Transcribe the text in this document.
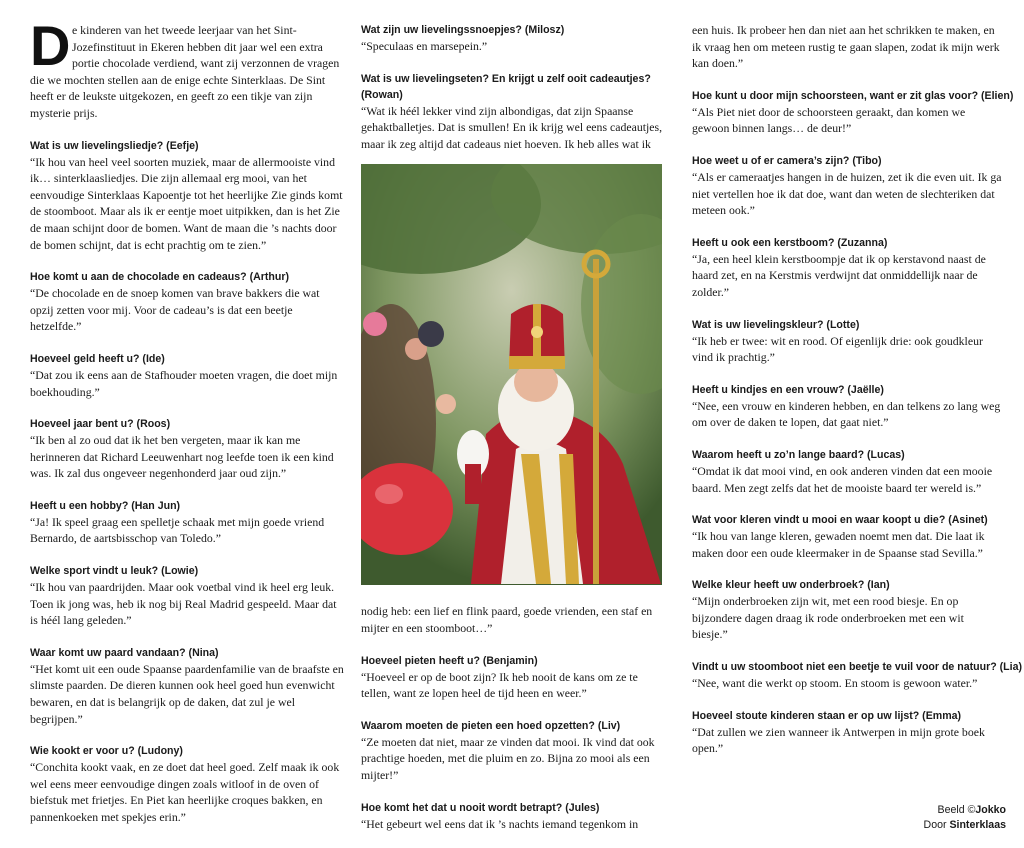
De kinderen van het tweede leerjaar van het Sint-Jozefinstituut in Ekeren hebben dit jaar wel een extra portie chocolade verdiend, want zij verzonnen de vragen die we mochten stellen aan de enige echte Sinterklaas. De Sint heeft er de leukste uitgekozen, en geeft zo een tikje van zijn mysterie prijs.

Wat is uw lievelingsliedje? (Eefje)

“Ik hou van heel veel soorten muziek, maar de allermooiste vind ik… sinterklaasliedjes. Die zijn allemaal erg mooi, van het eenvoudige Sinterklaas Kapoentje tot het heerlijke Zie ginds komt de stoomboot. Maar als ik er eentje moet uitpikken, dan is het Zie de maan schijnt door de bomen. Want de maan die ’s nachts door de bomen schijnt, dat is echt prachtig om te zien.”

Hoe komt u aan de chocolade en cadeaus? (Arthur)

“De chocolade en de snoep komen van brave bakkers die wat opzij zetten voor mij. Voor de cadeau’s is dat een beetje hetzelfde.”

Hoeveel geld heeft u? (Ide)

“Dat zou ik eens aan de Stafhouder moeten vragen, die doet mijn boekhouding.”

Hoeveel jaar bent u? (Roos)

“Ik ben al zo oud dat ik het ben vergeten, maar ik kan me herinneren dat Richard Leeuwenhart nog leefde toen ik een kind was. Ik zal dus ongeveer negenhonderd jaar oud zijn.”

Heeft u een hobby? (Han Jun)

“Ja! Ik speel graag een spelletje schaak met mijn goede vriend Bernardo, de aartsbisschop van Toledo.”

Welke sport vindt u leuk? (Lowie)

“Ik hou van paardrijden. Maar ook voetbal vind ik heel erg leuk. Toen ik jong was, heb ik nog bij Real Madrid gespeeld. Maar dat is héél lang geleden.”

Waar komt uw paard vandaan? (Nina)

“Het komt uit een oude Spaanse paardenfamilie van de braafste en slimste paarden. De dieren kunnen ook heel goed hun evenwicht bewaren, en dat is belangrijk op de daken, dat zul je wel begrijpen.”

Wie kookt er voor u? (Ludony)

“Conchita kookt vaak, en ze doet dat heel goed. Zelf maak ik ook wel eens meer eenvoudige dingen zoals witloof in de oven of biefstuk met frietjes. En Piet kan heerlijke croques bakken, en pannenkoeken met spekjes erin.”

Wat zijn uw lievelingssnoepjes? (Milosz)

“Speculaas en marsepein.”

Wat is uw lievelingseten? En krijgt u zelf ooit cadeautjes? (Rowan)

“Wat ik héél lekker vind zijn albondigas, dat zijn Spaanse gehaktballetjes. Dat is smullen! En ik krijg wel eens cadeautjes, maar ik zeg altijd dat cadeaus niet hoeven. Ik heb alles wat ik

nodig heb: een lief en flink paard, goede vrienden, een staf en mijter en een stoomboot…”

Hoeveel pieten heeft u? (Benjamin)

“Hoeveel er op de boot zijn? Ik heb nooit de kans om ze te tellen, want ze lopen heel de tijd heen en weer.”

Waarom moeten de pieten een hoed opzetten? (Liv)

“Ze moeten dat niet, maar ze vinden dat mooi. Ik vind dat ook prachtige hoeden, met die pluim en zo. Bijna zo mooi als een mijter!”

Hoe komt het dat u nooit wordt betrapt? (Jules)

“Het gebeurt wel eens dat ik ’s nachts iemand tegenkom in

een huis. Ik probeer hen dan niet aan het schrikken te maken, en ik vraag hen om meteen rustig te gaan slapen, zodat ik mijn werk kan doen.”

Hoe kunt u door mijn schoorsteen, want er zit glas voor? (Elien)

“Als Piet niet door de schoorsteen geraakt, dan komen we gewoon binnen langs… de deur!”

Hoe weet u of er camera’s zijn? (Tibo)

“Als er cameraatjes hangen in de huizen, zet ik die even uit. Ik ga niet vertellen hoe ik dat doe, want dan weten de slechteriken dat meteen ook.”

Heeft u ook een kerstboom? (Zuzanna)

“Ja, een heel klein kerstboompje dat ik op kerstavond naast de haard zet, en na Kerstmis verdwijnt dat onmiddellijk naar de zolder.”

Wat is uw lievelingskleur? (Lotte)

“Ik heb er twee: wit en rood. Of eigenlijk drie: ook goudkleur vind ik prachtig.”

Heeft u kindjes en een vrouw? (Jaëlle)

“Nee, een vrouw en kinderen hebben, en dan telkens zo lang weg om over de daken te lopen, dat gaat niet.”

Waarom heeft u zo’n lange baard? (Lucas)

“Omdat ik dat mooi vind, en ook anderen vinden dat een mooie baard. Men zegt zelfs dat het de mooiste baard ter wereld is.”

Wat voor kleren vindt u mooi en waar koopt u die? (Asinet)

“Ik hou van lange kleren, gewaden noemt men dat. Die laat ik maken door een oude kleermaker in de Spaanse stad Sevilla.”

Welke kleur heeft uw onderbroek? (Ian)

“Mijn onderbroeken zijn wit, met een rood biesje. En op bijzondere dagen draag ik rode onderbroeken met een wit biesje.”

Vindt u uw stoomboot niet een beetje te vuil voor de natuur? (Lia)

“Nee, want die werkt op stoom. En stoom is gewoon water.”

Hoeveel stoute kinderen staan er op uw lijst? (Emma)

“Dat zullen we zien wanneer ik Antwerpen in mijn grote boek open.”

Beeld ©Jokko
Door Sinterklaas
